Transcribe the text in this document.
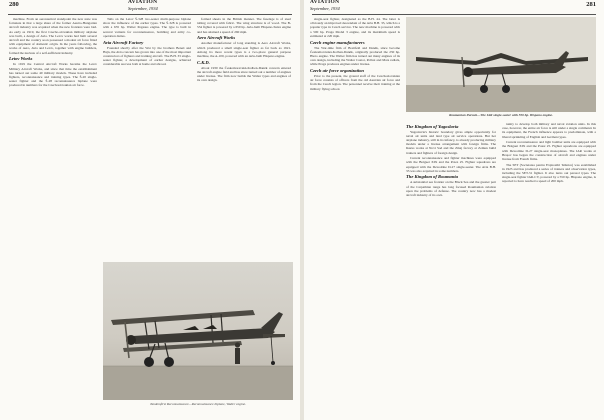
280	AVIATION
September, 1934

machine. From an aeronautical standpoint the new state was fortunate in that a large share of the former Austro-Hungarian aircraft industry was acquired when the new frontiers were laid. As early as 1919, the first Czecho-slovakian military airplane was built, a design of Avia. The Letov works had built several aircraft and the country soon possessed a modest air force fitted with equipment of domestic origin. In the years following, the works of Aero, Avia and Letov, together with engine builders, formed the nucleus of a self-sufficient industry.

Letov Works

In 1919 the Central Aircraft Works became the Letov Military Aircraft Works, and since that time the establishment has turned out some 40 military models. These have included fighters, reconnaissance and training types. The Š-20 single-seater fighter and the Š-28 reconnaissance biplane were produced in numbers for the Czechoslovakian air force.

Tails on the Letov Š-328 two-seater multi-purpose biplane show the influence of the earlier types. The Š-328 is powered with a 635 hp. Walter Pegasus engine. The type is built in several variants for reconnaissance, bombing and army co-operation duties.

Avia Aircraft Factory

Founded shortly after the War by the brothers Beneš and Hajn, the Avia concern has grown into one of the most important constructors of fighters and training aircraft. The B.H. 33 single-seater fighter, a development of earlier designs, achieved considerable success both at home and abroad.

formed sheets in the British manner. The fuselage is of steel tubing covered with fabric. The wing structure is of wood. The B-534 fighter is powered by a 650 hp. Avia-built Hispano-Suiza engine and has attained a speed of 260 mph.

Aero Aircraft Works

Another manufacturer of long standing is Aero Aircraft Works, which produced a small single-seat fighter as far back as 1921. Among its more recent types is a two-place general purpose machine, the A-100, powered with an Avia-built Hispano engine.

C.K.D.

About 1930 the Českomoravská-Kolben-Daněk concern entered the aircraft engine field and has since turned out a number of engines under license. The firm now builds the Walter types and engines of its own design.

Tandemfirst Reconnaissance—Reconnaissance biplane, Walter engine.
AVIATION
September, 1934	281

single-seat fighter, designated as the B.H. 44. The latter is obviously an improved descendant of the Avia B.H. 33, which is a popular type in Czech service. The new machine is powered with a 500 hp. Praga Model 3 engine, and its maximum speed is estimated at 220 mph.

Czech engine manufacturers

The War-time firm of Breitfeld and Daněk, since become Českomoravská-Kolben-Daněk, originally produced the 230 hp. Hiero engine. The Walter firm has turned out many engines of its own design, including the Walter Castor, Pollux and Mars radials, while Praga produces engines under license.

Czech air force organization

Prior to the present, the ground staff of the Czechoslovakian air force consists of officers from the old Austrian air force and from the Czech legion. The personnel receive their training at the military flying school.

Roumanian Pursuit—The IAR single-seater with 550 hp. Hispano engine.
The Kingdom of Yugoslavia

Yugoslavia's historic boundary gives ample opportunity for naval air units and land type air service operations. But her airplane industry, still in its infancy, is already producing military models under a license arrangement with foreign firms. The Ikarus works at Novi Sad and the Zmaj factory at Zemun build trainers and fighters of foreign design.

Current reconnaissance and fighter machines were equipped with the Bréguet XIX and the Potez 25. Fighter squadrons are equipped with the Dewoitine D-27 single-seater. The Avia B.H. 33 was also acquired in some numbers.

The Kingdom of Roumania

A substantial sea frontier on the Black Sea and the greater part of the Carpathian range has long focused Roumanian aviation upon the problems of defense. The country now has a modest aircraft industry of its own.

tunity to develop both military and naval aviation units. In this case, however, the entire air force is still under a single command. In its equipment, the French influence appears to predominate, with a liberal sprinkling of English and German types.

Current reconnaissance and light bomber units are equipped with the Bréguet XIX and the Potez 25. Fighter squadrons are equipped with Dewoitine D-27 single-seat monoplanes. The IAR works at Brașov has begun the construction of aircraft and engines under license from French firms.

The SET (Societatea pentru Exploatări Tehnice) was established in 1923 and has produced a series of trainers and observation types, including the SET-31 fighter. It also turns out parasol types. The single-seat fighter IAR-CV, powered by a 550 hp. Hispano engine, is reported to have reached a speed of 200 mph.
